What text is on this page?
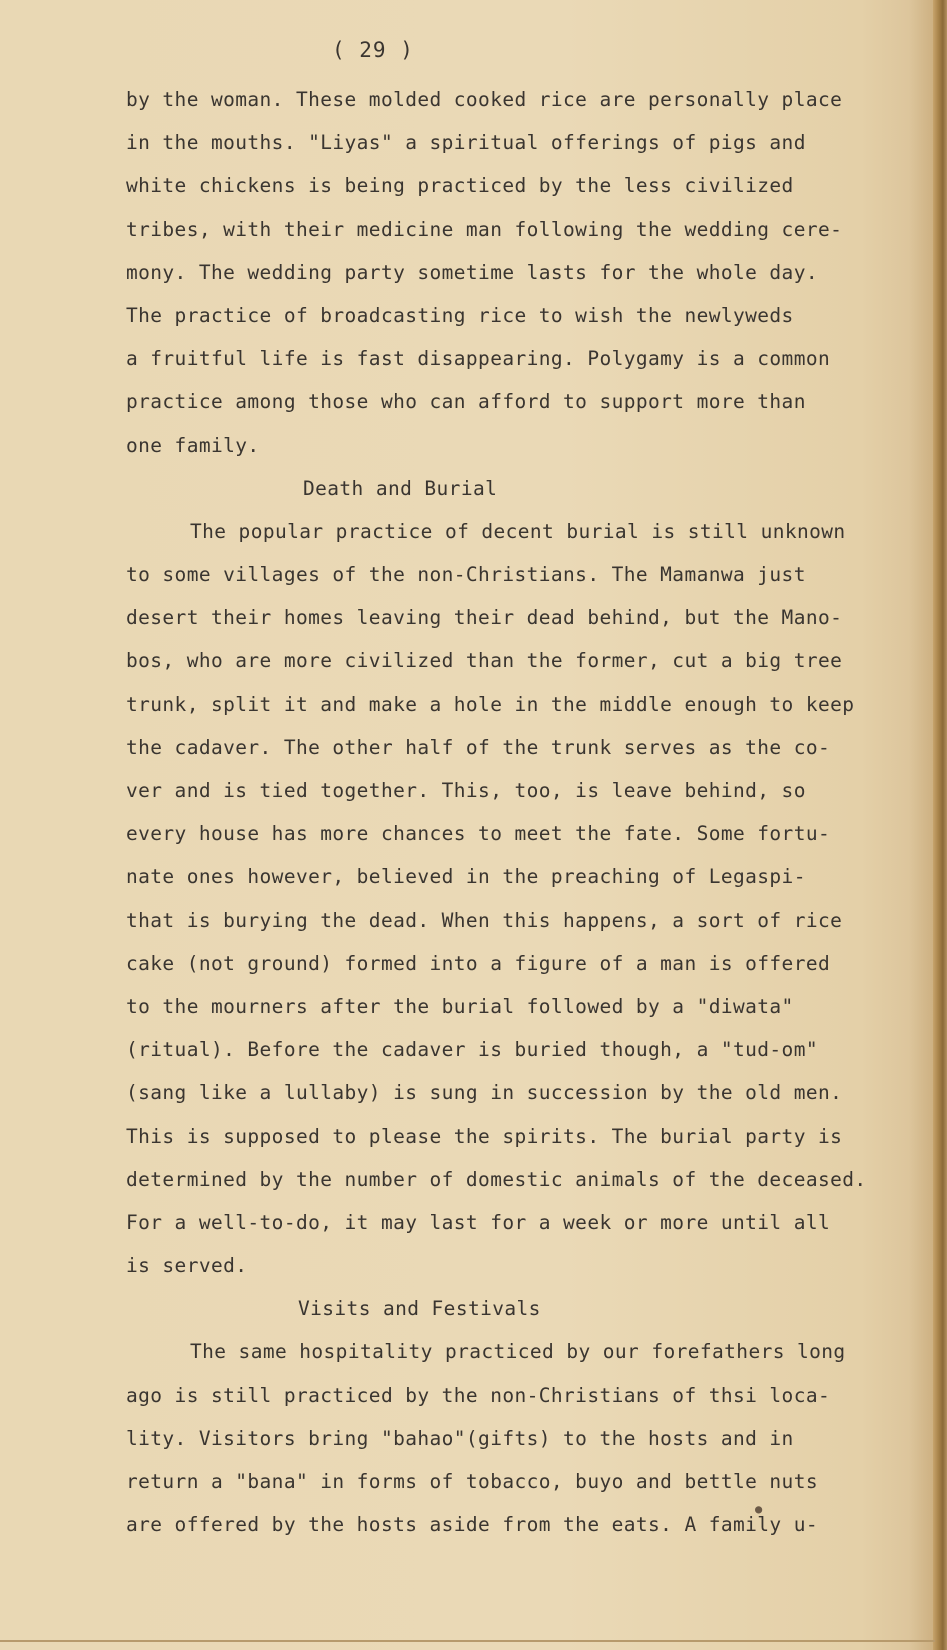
( 29 )
by the woman. These molded cooked rice are personally place
in the mouths. "Liyas" a spiritual offerings of pigs and
white chickens is being practiced by the less civilized
tribes, with their medicine man following the wedding cere-
mony. The wedding party sometime lasts for the whole day.
The practice of broadcasting rice to wish the newlyweds
a fruitful life is fast disappearing. Polygamy is a common
practice among those who can afford to support more than
one family.
Death and Burial
The popular practice of decent burial is still unknown
to some villages of the non-Christians. The Mamanwa just
desert their homes leaving their dead behind, but the Mano-
bos, who are more civilized than the former, cut a big tree
trunk, split it and make a hole in the middle enough to keep
the cadaver. The other half of the trunk serves as the co-
ver and is tied together. This, too, is leave behind, so
every house has more chances to meet the fate. Some fortu-
nate ones however, believed in the preaching of Legaspi-
that is burying the dead. When this happens, a sort of rice
cake (not ground) formed into a figure of a man is offered
to the mourners after the burial followed by a "diwata"
(ritual). Before the cadaver is buried though, a "tud-om"
(sang like a lullaby) is sung in succession by the old men.
This is supposed to please the spirits. The burial party is
determined by the number of domestic animals of the deceased.
For a well-to-do, it may last for a week or more until all
is served.
Visits and Festivals
The same hospitality practiced by our forefathers long
ago is still practiced by the non-Christians of thsi loca-
lity. Visitors bring "bahao"(gifts) to the hosts and in
return a "bana" in forms of tobacco, buyo and bettle nuts
are offered by the hosts aside from the eats. A family u-
●
